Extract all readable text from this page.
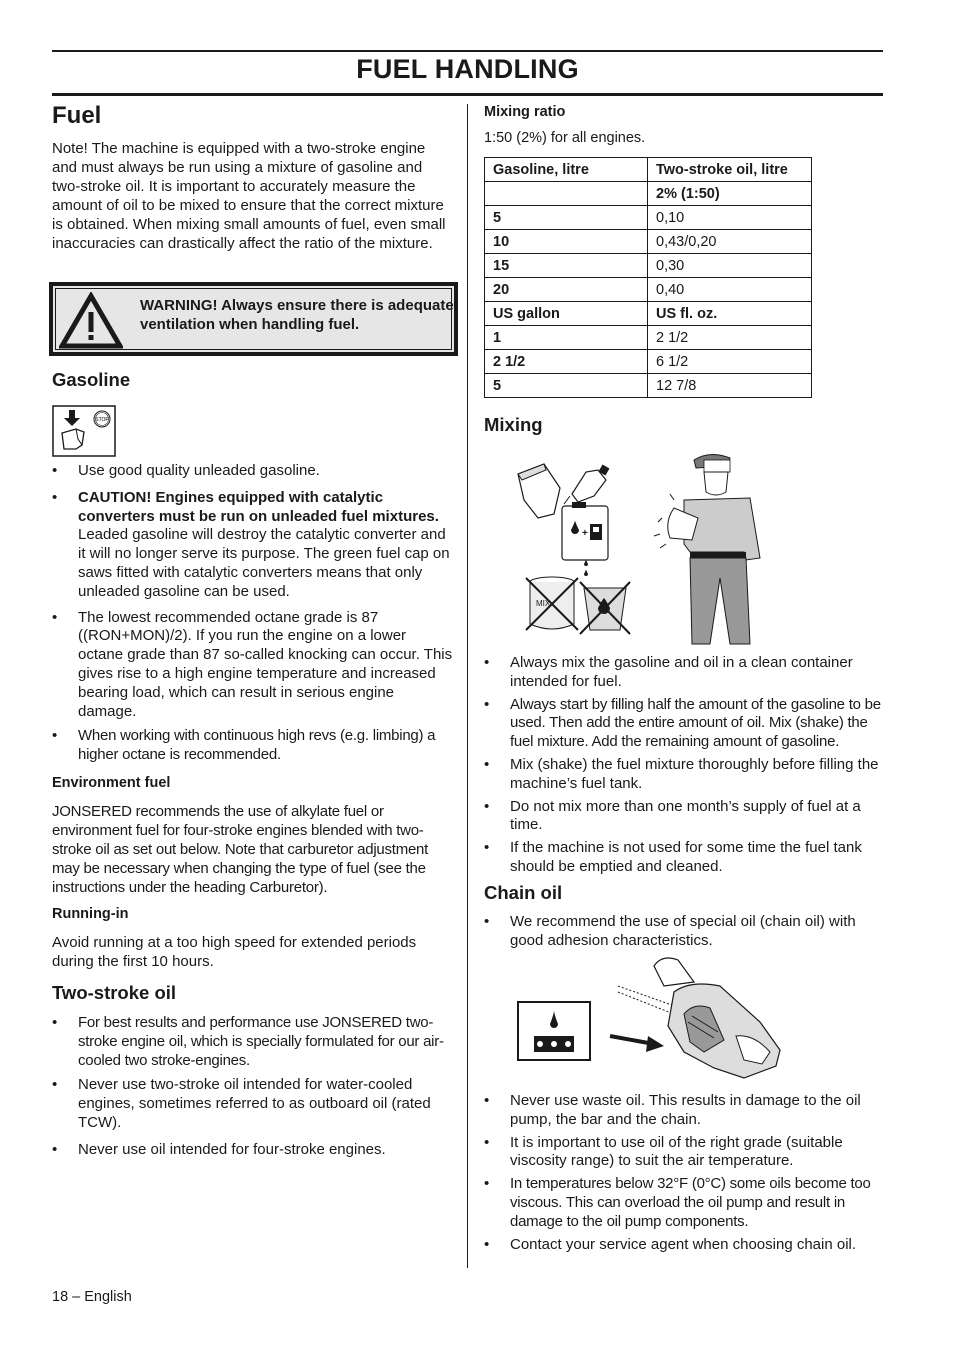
FUEL HANDLING
Fuel

Note! The machine is equipped with a two-stroke engine and must always be run using a mixture of gasoline and two-stroke oil. It is important to accurately measure the amount of oil to be mixed to ensure that the correct mixture is obtained. When mixing small amounts of fuel, even small inaccuracies can drastically affect the ratio of the mixture.

WARNING! Always ensure there is adequate ventilation when handling fuel.
Gasoline
STOP
• Use good quality unleaded gasoline.
• CAUTION! Engines equipped with catalytic converters must be run on unleaded fuel mixtures. Leaded gasoline will destroy the catalytic converter and it will no longer serve its purpose. The green fuel cap on saws fitted with catalytic converters means that only unleaded gasoline can be used.
• The lowest recommended octane grade is 87 ((RON+MON)/2). If you run the engine on a lower octane grade than 87 so-called knocking can occur. This gives rise to a high engine temperature and increased bearing load, which can result in serious engine damage.
• When working with continuous high revs (e.g. limbing) a higher octane is recommended.
Environment fuel

JONSERED recommends the use of alkylate fuel or environment fuel for four-stroke engines blended with two-stroke oil as set out below. Note that carburetor adjustment may be necessary when changing the type of fuel (see the instructions under the heading Carburetor).

Running-in

Avoid running at a too high speed for extended periods during the first 10 hours.

Two-stroke oil
• For best results and performance use JONSERED two-stroke engine oil, which is specially formulated for our air-cooled two stroke-engines.
• Never use two-stroke oil intended for water-cooled engines, sometimes referred to as outboard oil (rated TCW).
• Never use oil intended for four-stroke engines.
Mixing ratio

1:50 (2%) for all engines.

Gasoline, litre	Two-stroke oil, litre
	2% (1:50)
5	0,10
10	0,43/0,20
15	0,30
20	0,40
US gallon	US fl. oz.
1	2 1/2
2 1/2	6 1/2
5	12 7/8
Mixing
+
MIX
• Always mix the gasoline and oil in a clean container intended for fuel.
• Always start by filling half the amount of the gasoline to be used. Then add the entire amount of oil. Mix (shake) the fuel mixture. Add the remaining amount of gasoline.
• Mix (shake) the fuel mixture thoroughly before filling the machine’s fuel tank.
• Do not mix more than one month’s supply of fuel at a time.
• If the machine is not used for some time the fuel tank should be emptied and cleaned.
Chain oil
• We recommend the use of special oil (chain oil) with good adhesion characteristics.
• Never use waste oil. This results in damage to the oil pump, the bar and the chain.
• It is important to use oil of the right grade (suitable viscosity range) to suit the air temperature.
• In temperatures below 32°F (0°C) some oils become too viscous. This can overload the oil pump and result in damage to the oil pump components.
• Contact your service agent when choosing chain oil.
18 – English
